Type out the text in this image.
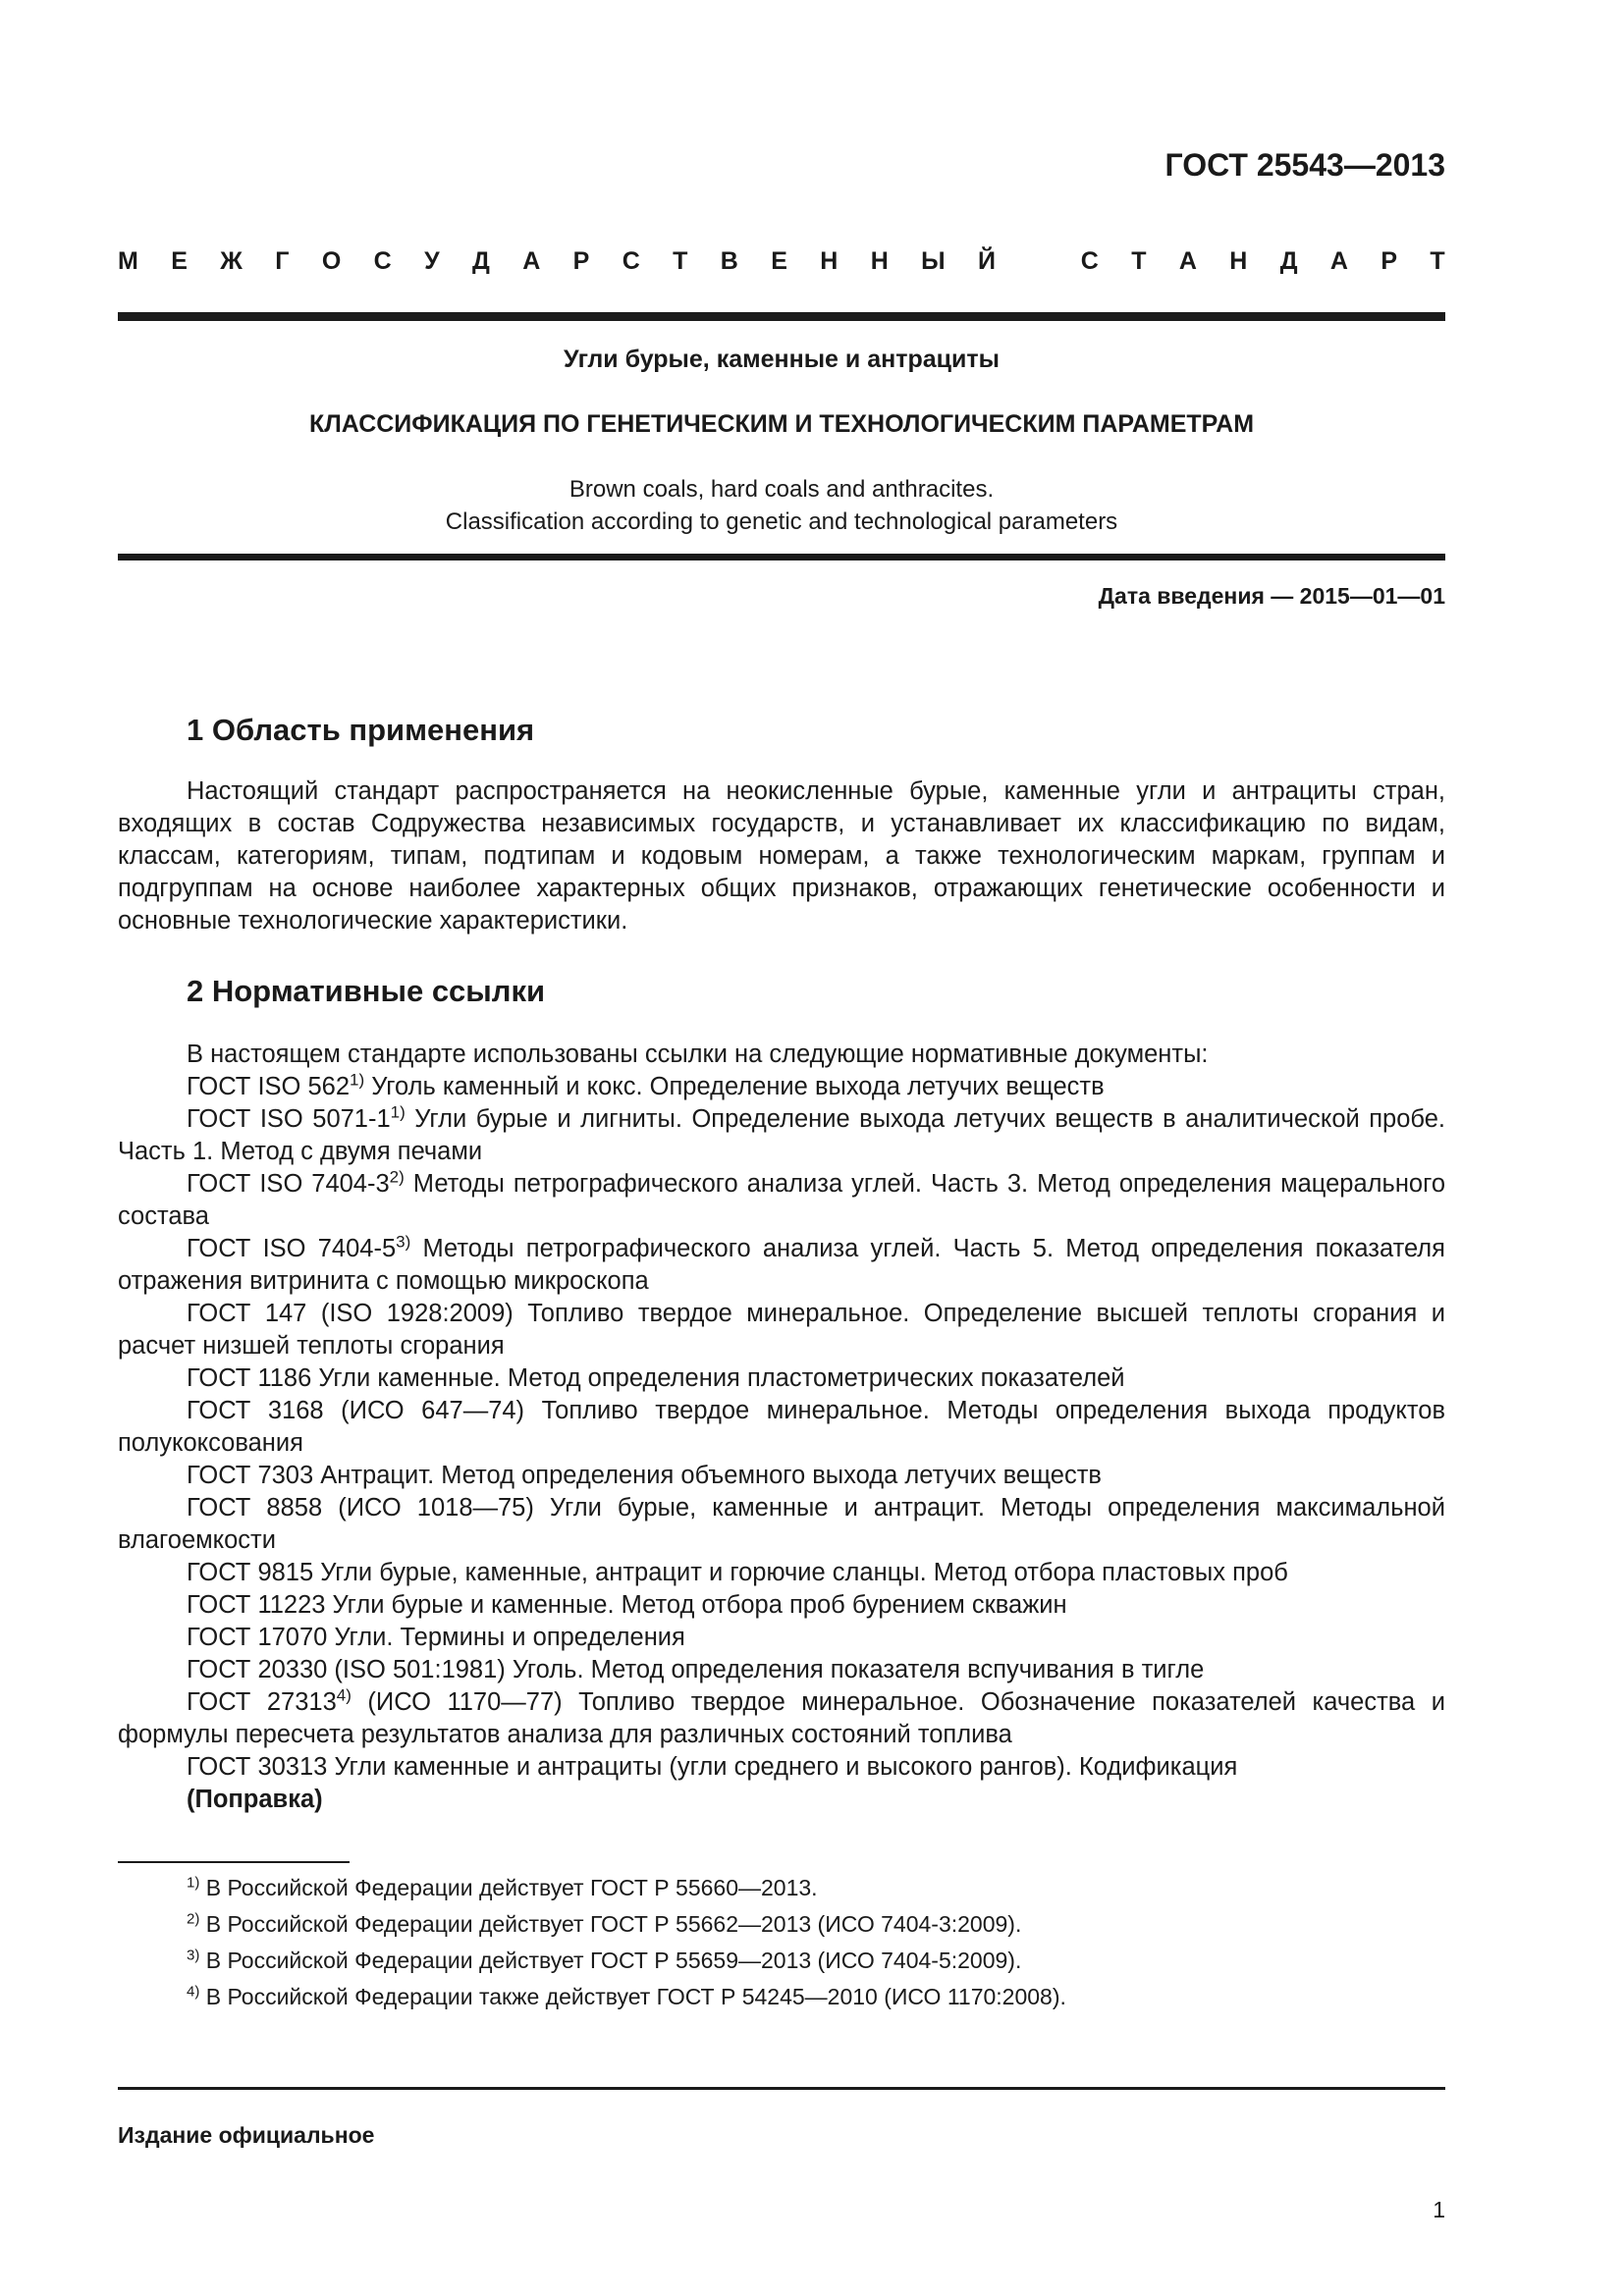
ГОСТ 25543—2013
М Е Ж Г О С У Д А Р С Т В Е Н Н Ы Й	С Т А Н Д А Р Т
Угли бурые, каменные и антрациты
КЛАССИФИКАЦИЯ ПО ГЕНЕТИЧЕСКИМ И ТЕХНОЛОГИЧЕСКИМ ПАРАМЕТРАМ
Brown coals, hard coals and anthracites.
Classification according to genetic and technological parameters
Дата введения — 2015—01—01
1 Область применения
Настоящий стандарт распространяется на неокисленные бурые, каменные угли и антрациты стран, входящих в состав Содружества независимых государств, и устанавливает их классификацию по видам, классам, категориям, типам, подтипам и кодовым номерам, а также технологическим маркам, группам и подгруппам на основе наиболее характерных общих признаков, отражающих генетические особенности и основные технологические характеристики.
2 Нормативные ссылки

В настоящем стандарте использованы ссылки на следующие нормативные документы:

ГОСТ ISO 562$^{1)}$ Уголь каменный и кокс. Определение выхода летучих веществ

ГОСТ ISO 5071-1$^{1)}$ Угли бурые и лигниты. Определение выхода летучих веществ в аналитической пробе. Часть 1. Метод с двумя печами

ГОСТ ISO 7404-3$^{2)}$ Методы петрографического анализа углей. Часть 3. Метод определения мацерального состава

ГОСТ ISO 7404-5$^{3)}$ Методы петрографического анализа углей. Часть 5. Метод определения показателя отражения витринита с помощью микроскопа

ГОСТ 147 (ISO 1928:2009) Топливо твердое минеральное. Определение высшей теплоты сгорания и расчет низшей теплоты сгорания

ГОСТ 1186 Угли каменные. Метод определения пластометрических показателей

ГОСТ 3168 (ИСО 647—74) Топливо твердое минеральное. Методы определения выхода продуктов полукоксования

ГОСТ 7303 Антрацит. Метод определения объемного выхода летучих веществ

ГОСТ 8858 (ИСО 1018—75) Угли бурые, каменные и антрацит. Методы определения максимальной влагоемкости

ГОСТ 9815 Угли бурые, каменные, антрацит и горючие сланцы. Метод отбора пластовых проб

ГОСТ 11223 Угли бурые и каменные. Метод отбора проб бурением скважин

ГОСТ 17070 Угли. Термины и определения

ГОСТ 20330 (ISO 501:1981) Уголь. Метод определения показателя вспучивания в тигле

ГОСТ 27313$^{4)}$ (ИСО 1170—77) Топливо твердое минеральное. Обозначение показателей качества и формулы пересчета результатов анализа для различных состояний топлива

ГОСТ 30313 Угли каменные и антрациты (угли среднего и высокого рангов). Кодификация

(Поправка)

$^{1)}$ В Российской Федерации действует ГОСТ Р 55660—2013.

$^{2)}$ В Российской Федерации действует ГОСТ Р 55662—2013 (ИСО 7404-3:2009).

$^{3)}$ В Российской Федерации действует ГОСТ Р 55659—2013 (ИСО 7404-5:2009).

$^{4)}$ В Российской Федерации также действует ГОСТ Р 54245—2010 (ИСО 1170:2008).

Издание официальное
1
